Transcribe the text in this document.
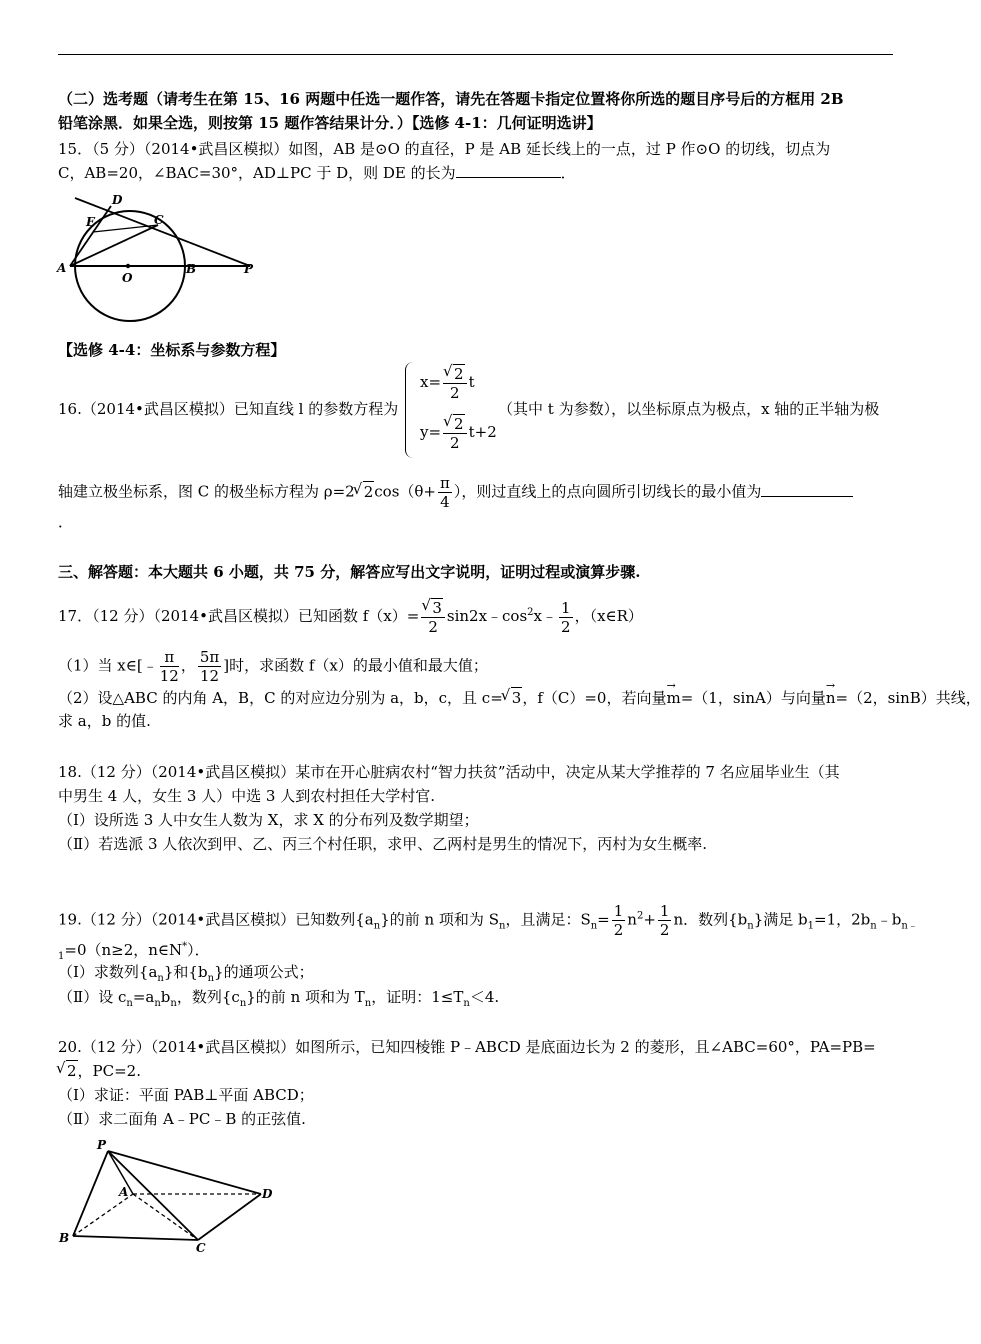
（二）选考题（请考生在第 15、16 两题中任选一题作答，请先在答题卡指定位置将你所选的题目序号后的方框用 2B
铅笔涂黑．如果全选，则按第 15 题作答结果计分．）【选修 4-1：几何证明选讲】
15．（5 分）（2014•武昌区模拟）如图，AB 是⊙O 的直径，P 是 AB 延长线上的一点，过 P 作⊙O 的切线，切点为
C，AB=20，∠BAC=30°，AD⊥PC 于 D，则 DE 的长为	．
D
E	C
A
O
B	P
【选修 4-4：坐标系与参数方程】
16.（2014•武昌区模拟）已知直线 l 的参数方程为
x= √ $\frac{2}{2}$ t
y= √ $\frac{2}{2} t+2$
（其中 t 为参数），以坐标原点为极点，x 轴的正半轴为极
轴建立极坐标系，图 C 的极坐标方程为 ρ=2 √ $2\cos(\theta+ \frac{\pi}{4}$ ），则过直线上的点向圆所引切线长的最小值为
．
三、解答题：本大题共 6 小题，共 75 分，解答应写出文字说明，证明过程或演算步骤.
17．（12 分）（2014•武昌区模拟）已知函数 f（x）= √ $\frac{3}{2}$ $\sin 2x﹣\cos^2x﹣ \frac{1}{2}$ ，（x∈R）
（1）当 x∈[﹣ $\frac{\pi}{12}$ ， $\frac{5\pi}{12}$ ]时，求函数 f（x）的最小值和最大值；
（2）设△ABC 的内角 A，B，C 的对应边分别为 a，b，c，且 c= √ 3，f（C）=0，若向量
→
m=（1，sinA）与向量
→
n=（2，sinB）共线，
求 a，b 的值.
18.（12 分）（2014•武昌区模拟）某市在开心脏病农村“智力扶贫”活动中，决定从某大学推荐的 7 名应届毕业生（其
中男生 4 人，女生 3 人）中选 3 人到农村担任大学村官.
（Ⅰ）设所选 3 人中女生人数为 X，求 X 的分布列及数学期望；
（Ⅱ）若选派 3 人依次到甲、乙、丙三个村任职，求甲、乙两村是男生的情况下，丙村为女生概率.
19.（12 分）（2014•武昌区模拟）已知数列$\{a_n\}$的前 n 项和为 $S_n$，且满足：$S_n= \frac{1}{2} n^2+ \frac{1}{2}$ n．数列$\{b_n\}$满足 $b_1=1$，$2b_n﹣b_{n﹣}$
$_1$=0（n≥2，n∈N*）．
（Ⅰ）求数列$\{a_n\}$和$\{b_n\}$的通项公式；
（Ⅱ）设 $c_n=a_nb_n$，数列$\{c_n\}$的前 n 项和为 $T_n$，证明：$1\le T_n<4$.
20.（12 分）（2014•武昌区模拟）如图所示，已知四棱锥 P﹣ABCD 是底面边长为 2 的菱形，且∠ABC=60°，PA=PB=
√ 2，PC=2.
（Ⅰ）求证：平面 PAB⊥平面 ABCD；
（Ⅱ）求二面角 A﹣PC﹣B 的正弦值.
P
A	D
B
C
